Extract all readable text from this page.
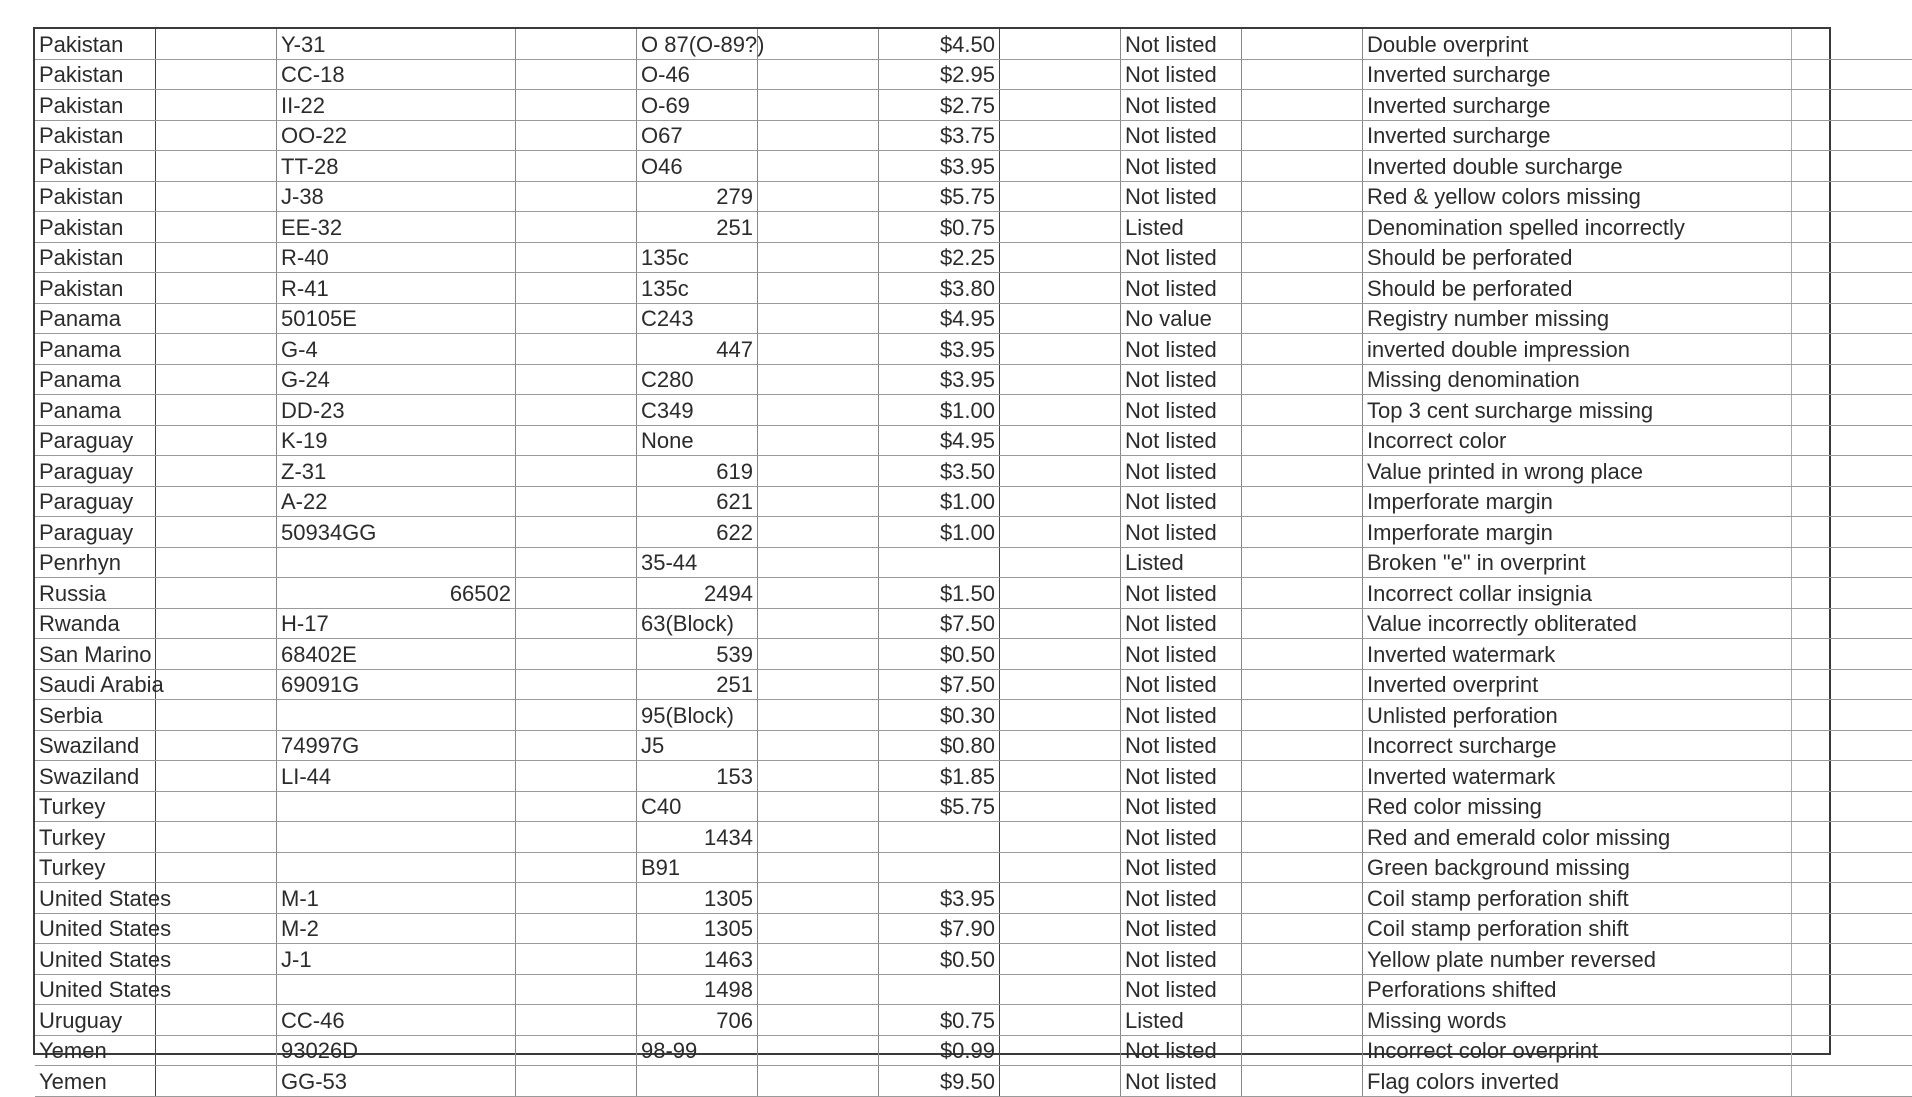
Pakistan		Y-31		O 87(O-89?)		$4.50		Not listed		Double overprint	
Pakistan		CC-18		O-46		$2.95		Not listed		Inverted surcharge	
Pakistan		II-22		O-69		$2.75		Not listed		Inverted surcharge	
Pakistan		OO-22		O67		$3.75		Not listed		Inverted surcharge	
Pakistan		TT-28		O46		$3.95		Not listed		Inverted double surcharge	
Pakistan		J-38		279		$5.75		Not listed		Red & yellow colors missing	
Pakistan		EE-32		251		$0.75		Listed		Denomination spelled incorrectly	
Pakistan		R-40		135c		$2.25		Not listed		Should be perforated	
Pakistan		R-41		135c		$3.80		Not listed		Should be perforated	
Panama		50105E		C243		$4.95		No value		Registry number missing	
Panama		G-4		447		$3.95		Not listed		inverted double impression	
Panama		G-24		C280		$3.95		Not listed		Missing denomination	
Panama		DD-23		C349		$1.00		Not listed		Top 3 cent surcharge missing	
Paraguay		K-19		None		$4.95		Not listed		Incorrect color	
Paraguay		Z-31		619		$3.50		Not listed		Value printed in wrong place	
Paraguay		A-22		621		$1.00		Not listed		Imperforate margin	
Paraguay		50934GG		622		$1.00		Not listed		Imperforate margin	
Penrhyn				35-44				Listed		Broken "e" in overprint	
Russia		66502		2494		$1.50		Not listed		Incorrect collar insignia	
Rwanda		H-17		63(Block)		$7.50		Not listed		Value incorrectly obliterated	
San Marino		68402E		539		$0.50		Not listed		Inverted watermark	
Saudi Arabia		69091G		251		$7.50		Not listed		Inverted overprint	
Serbia				95(Block)		$0.30		Not listed		Unlisted perforation	
Swaziland		74997G		J5		$0.80		Not listed		Incorrect surcharge	
Swaziland		LI-44		153		$1.85		Not listed		Inverted watermark	
Turkey				C40		$5.75		Not listed		Red color missing	
Turkey				1434				Not listed		Red and emerald color missing	
Turkey				B91				Not listed		Green background missing	
United States		M-1		1305		$3.95		Not listed		Coil stamp perforation shift	
United States		M-2		1305		$7.90		Not listed		Coil stamp perforation shift	
United States		J-1		1463		$0.50		Not listed		Yellow plate number reversed	
United States				1498				Not listed		Perforations shifted	
Uruguay		CC-46		706		$0.75		Listed		Missing words	
Yemen		93026D		98-99		$0.99		Not listed		Incorrect color overprint	
Yemen		GG-53				$9.50		Not listed		Flag colors inverted	
